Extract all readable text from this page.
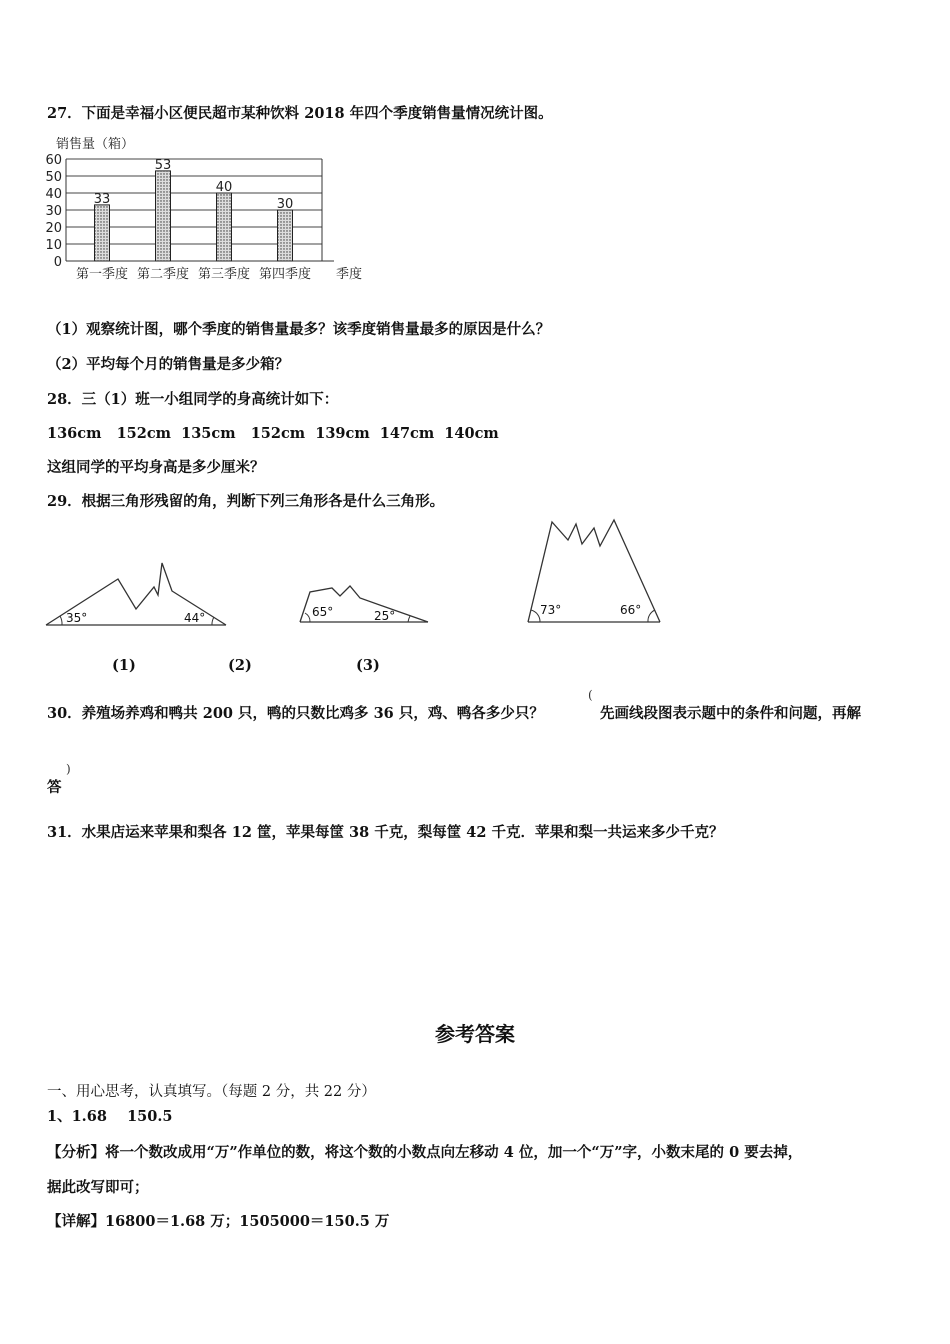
27．下面是幸福小区便民超市某种饮料 2018 年四个季度销售量情况统计图。
销售量（箱）
33
53
40
30
0
10
20
30
40
50
60
第一季度 第二季度 第三季度 第四季度 季度
（1）观察统计图，哪个季度的销售量最多？该季度销售量最多的原因是什么？
（2）平均每个月的销售量是多少箱？
28．三（1）班一小组同学的身高统计如下：
136cm   152cm  135cm   152cm  139cm  147cm  140cm
这组同学的平均身高是多少厘米？
29．根据三角形残留的角，判断下列三角形各是什么三角形。
35°	44°	65°	25°	73°	66°
(1)	(2)	(3)
30．养殖场养鸡和鸭共 200 只，鸭的只数比鸡多 36 只，鸡、鸭各多少只？
(
先画线段图表示题中的条件和问题，再解
答
)
31．水果店运来苹果和梨各 12 筐，苹果每筐 38 千克，梨每筐 42 千克．苹果和梨一共运来多少千克？
参考答案
一、用心思考，认真填写。（每题 2 分，共 22 分）
1、1.68    150.5
【分析】将一个数改成用“万”作单位的数，将这个数的小数点向左移动 4 位，加一个“万”字，小数末尾的 0 要去掉，
据此改写即可；
【详解】16800＝1.68 万；1505000＝150.5 万
